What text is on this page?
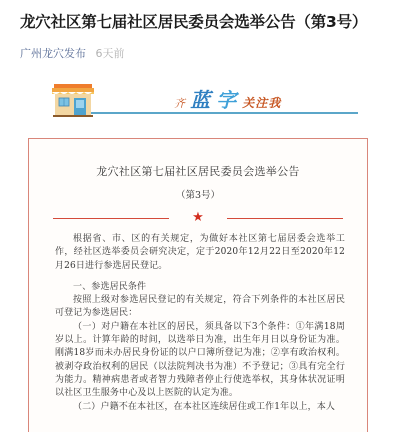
龙穴社区第七届社区居民委员会选举公告（第3号）
广州龙穴发布 6天前
齐 蓝 字 关注我
龙穴社区第七届社区居民委员会选举公告
（第3号）
★

根据省、市、区的有关规定，为做好本社区第七届居委会选举工作，经社区选举委员会研究决定，定于2020年12月22日至2020年12月26日进行参选居民登记。

一、参选居民条件

按照上级对参选居民登记的有关规定，符合下列条件的本社区居民可登记为参选居民：

（一）对户籍在本社区的居民，须具备以下3个条件：①年满18周岁以上。计算年龄的时间，以选举日为准，出生年月日以身份证为准。刚满18岁而未办居民身份证的以户口簿所登记为准；②享有政治权利。被剥夺政治权利的居民（以法院判决书为准）不予登记；③具有完全行为能力。精神病患者或者智力残障者停止行使选举权，其身体状况证明以社区卫生服务中心及以上医院的认定为准。

（二）户籍不在本社区，在本社区连续居住或工作1年以上，本人
